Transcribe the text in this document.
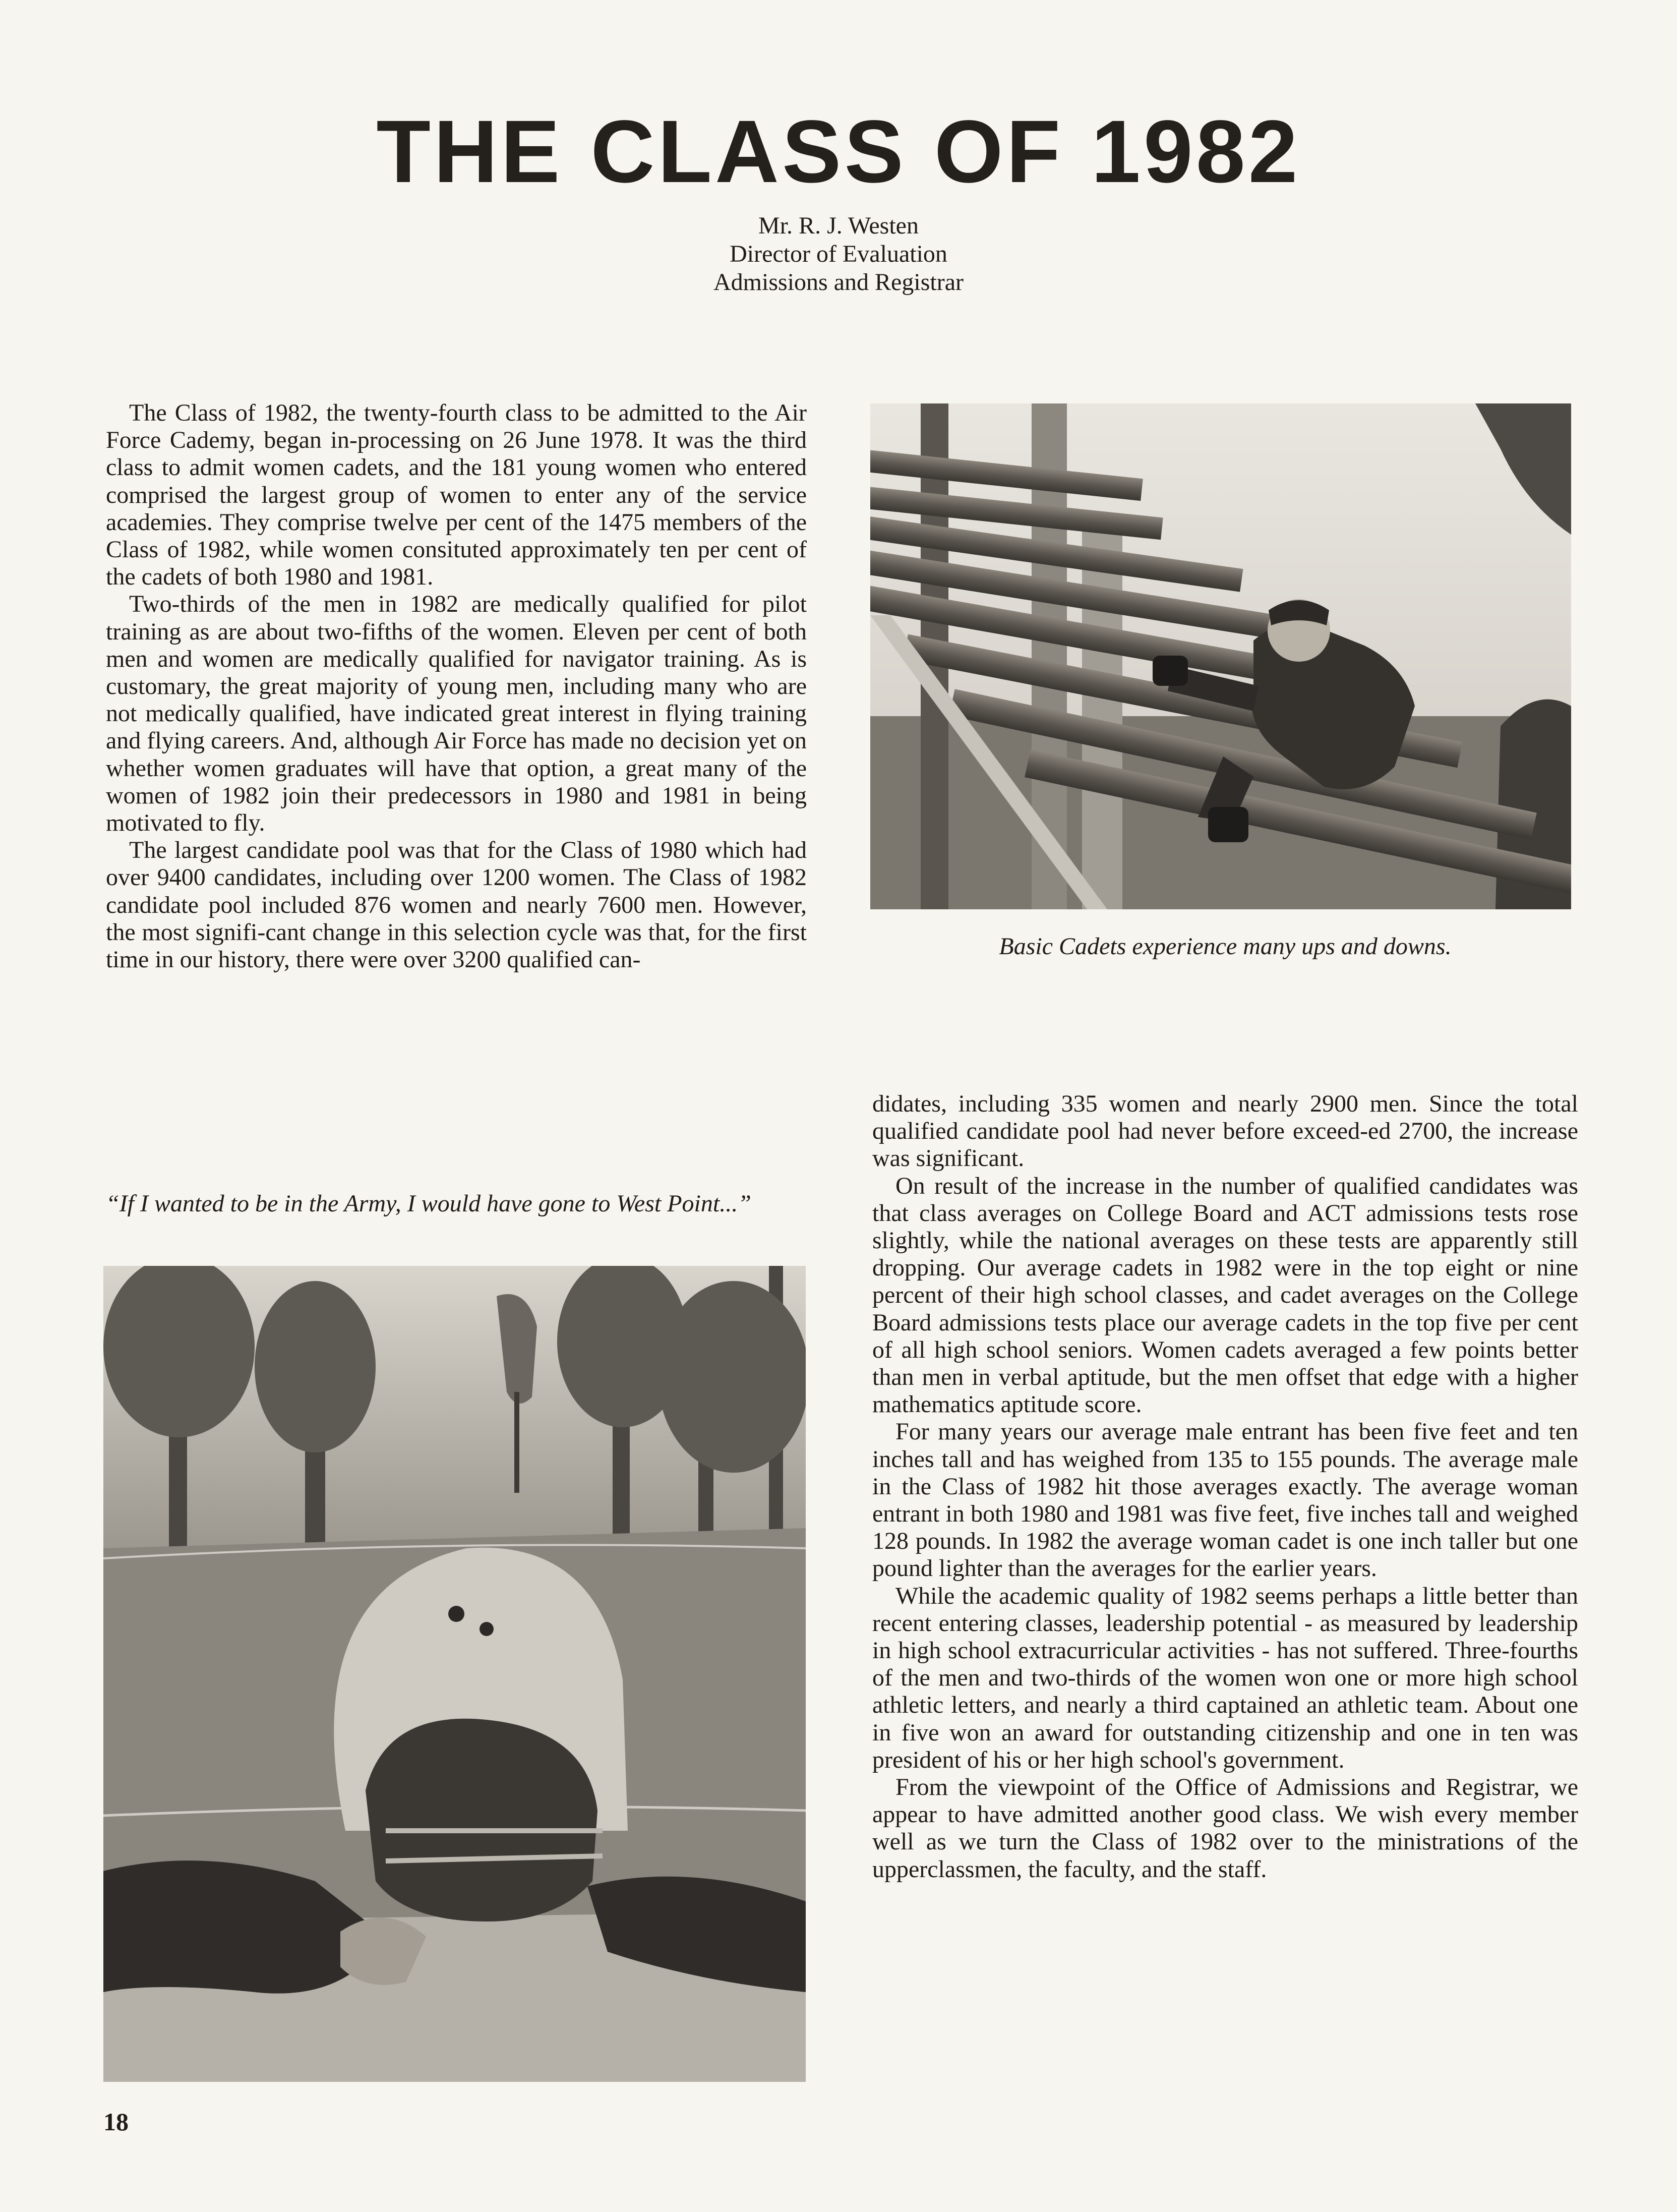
THE CLASS OF 1982
Mr. R. J. Westen
Director of Evaluation
Admissions and Registrar

The Class of 1982, the twenty-fourth class to be admitted to the Air Force Cademy, began in-processing on 26 June 1978. It was the third class to admit women cadets, and the 181 young women who entered comprised the largest group of women to enter any of the service academies. They comprise twelve per cent of the 1475 members of the Class of 1982, while women consituted approximately ten per cent of the cadets of both 1980 and 1981.

Two-thirds of the men in 1982 are medically qualified for pilot training as are about two-fifths of the women. Eleven per cent of both men and women are medically qualified for navigator training. As is customary, the great majority of young men, including many who are not medically qualified, have indicated great interest in flying training and flying careers. And, although Air Force has made no decision yet on whether women graduates will have that option, a great many of the women of 1982 join their predecessors in 1980 and 1981 in being motivated to fly.

The largest candidate pool was that for the Class of 1980 which had over 9400 candidates, including over 1200 women. The Class of 1982 candidate pool included 876 women and nearly 7600 men. However, the most signifi-cant change in this selection cycle was that, for the first time in our history, there were over 3200 qualified can-	Basic Cadets experience many ups and downs.
“If I wanted to be in the Army, I would have gone to West Point...”

didates, including 335 women and nearly 2900 men. Since the total qualified candidate pool had never before exceed-ed 2700, the increase was significant.

On result of the increase in the number of qualified candidates was that class averages on College Board and ACT admissions tests rose slightly, while the national averages on these tests are apparently still dropping. Our average cadets in 1982 were in the top eight or nine percent of their high school classes, and cadet averages on the College Board admissions tests place our average cadets in the top five per cent of all high school seniors. Women cadets averaged a few points better than men in verbal aptitude, but the men offset that edge with a higher mathematics aptitude score.

For many years our average male entrant has been five feet and ten inches tall and has weighed from 135 to 155 pounds. The average male in the Class of 1982 hit those averages exactly. The average woman entrant in both 1980 and 1981 was five feet, five inches tall and weighed 128 pounds. In 1982 the average woman cadet is one inch taller but one pound lighter than the averages for the earlier years.

While the academic quality of 1982 seems perhaps a little better than recent entering classes, leadership potential - as measured by leadership in high school extracurricular activities - has not suffered. Three-fourths of the men and two-thirds of the women won one or more high school athletic letters, and nearly a third captained an athletic team. About one in five won an award for outstanding citizenship and one in ten was president of his or her high school's government.

From the viewpoint of the Office of Admissions and Registrar, we appear to have admitted another good class. We wish every member well as we turn the Class of 1982 over to the ministrations of the upperclassmen, the faculty, and the staff.

18
